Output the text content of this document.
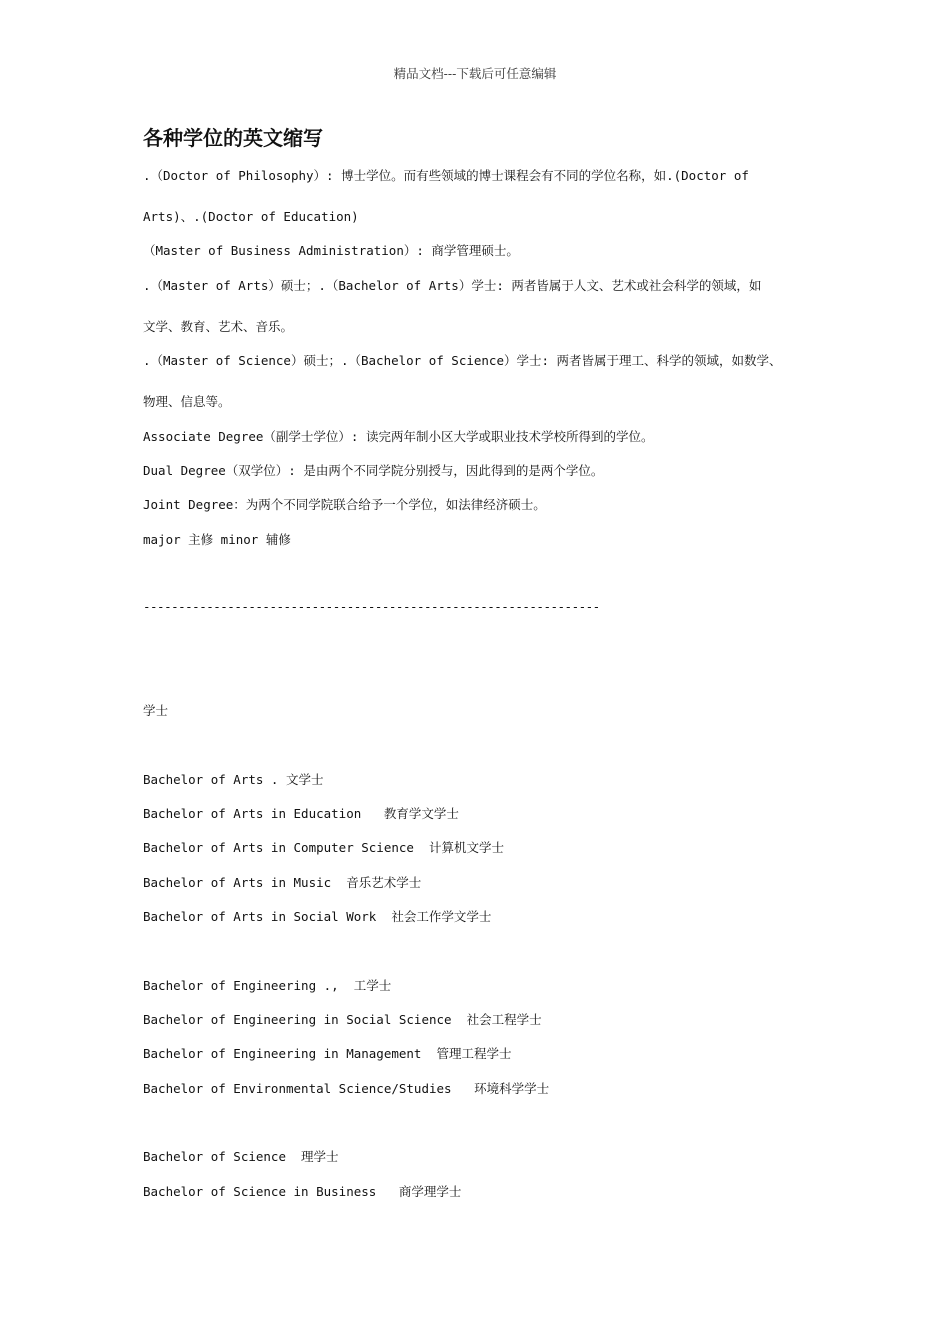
精品文档---下载后可任意编辑
各种学位的英文缩写
.（Doctor of Philosophy）: 博士学位。而有些领域的博士课程会有不同的学位名称，如.(Doctor of
Arts)、.(Doctor of Education)
（Master of Business Administration）: 商学管理硕士。
.（Master of Arts）硕士；.（Bachelor of Arts）学士: 两者皆属于人文、艺术或社会科学的领域，如
文学、教育、艺术、音乐。
.（Master of Science）硕士；.（Bachelor of Science）学士: 两者皆属于理工、科学的领域，如数学、
物理、信息等。
Associate Degree（副学士学位）: 读完两年制小区大学或职业技术学校所得到的学位。
Dual Degree（双学位）: 是由两个不同学院分别授与，因此得到的是两个学位。
Joint Degree：为两个不同学院联合给予一个学位，如法律经济硕士。
major 主修 minor 辅修
-----------------------------------------------------------------
学士
Bachelor of Arts . 文学士
Bachelor of Arts in Education   教育学文学士
Bachelor of Arts in Computer Science  计算机文学士
Bachelor of Arts in Music  音乐艺术学士
Bachelor of Arts in Social Work  社会工作学文学士
Bachelor of Engineering .,  工学士
Bachelor of Engineering in Social Science  社会工程学士
Bachelor of Engineering in Management  管理工程学士
Bachelor of Environmental Science/Studies   环境科学学士
Bachelor of Science  理学士
Bachelor of Science in Business   商学理学士
